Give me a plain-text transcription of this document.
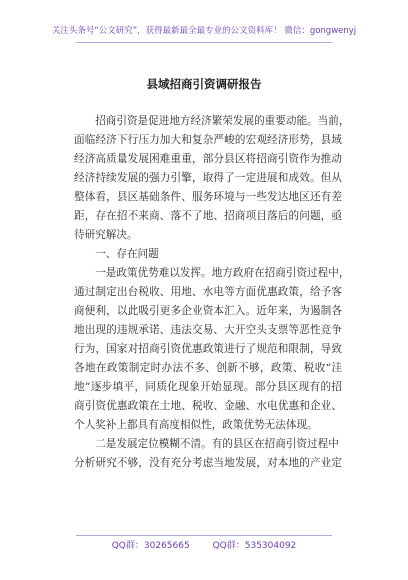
关注头条号“公文研究”，获得最新最全最专业的公文资料库！ 微信：gongwenyj
县域招商引资调研报告
招商引资是促进地方经济繁荣发展的重要动能。当前，
面临经济下行压力加大和复杂严峻的宏观经济形势，县域
经济高质量发展困难重重，部分县区将招商引资作为推动
经济持续发展的强力引擎，取得了一定进展和成效。但从
整体看，县区基础条件、服务环境与一些发达地区还有差
距，存在招不来商、落不了地、招商项目落后的问题，亟
待研究解决。
一、存在问题
一是政策优势难以发挥。地方政府在招商引资过程中，
通过制定出台税收、用地、水电等方面优惠政策，给予客
商便利，以此吸引更多企业资本汇入。近年来，为遏制各
地出现的违规承诺、违法交易、大开空头支票等恶性竞争
行为，国家对招商引资优惠政策进行了规范和限制，导致
各地在政策制定时办法不多、创新不够，政策、税收“洼
地”逐步填平，同质化现象开始显现。部分县区现有的招
商引资优惠政策在土地、税收、金融、水电优惠和企业、
个人奖补上都具有高度相似性，政策优势无法体现。
二是发展定位模糊不清。有的县区在招商引资过程中
分析研究不够，没有充分考虑当地发展，对本地的产业定
QQ群：30265665	QQ群：535304092
